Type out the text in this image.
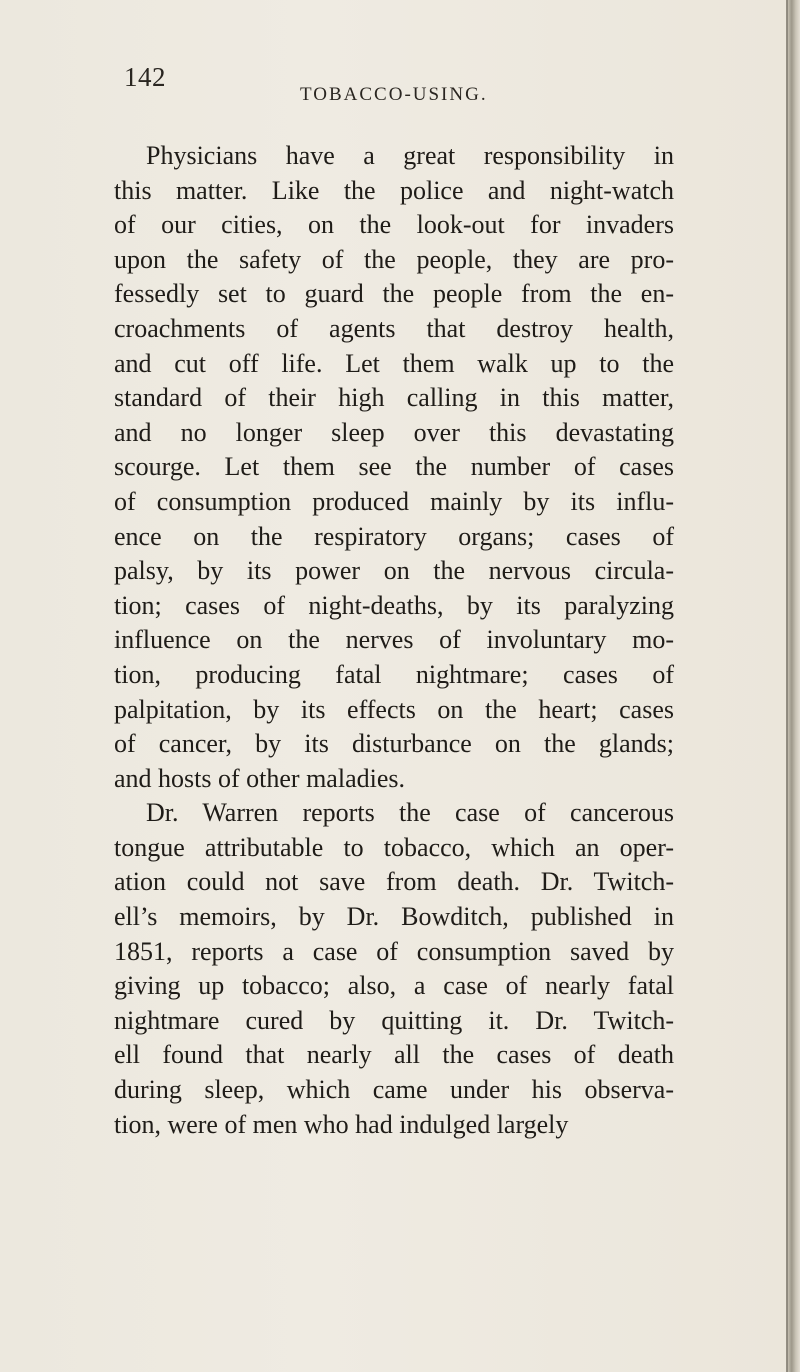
142
TOBACCO-USING.
Physicians have a great responsibility in
this matter. Like the police and night-watch
of our cities, on the look-out for invaders
upon the safety of the people, they are pro-
fessedly set to guard the people from the en-
croachments of agents that destroy health,
and cut off life. Let them walk up to the
standard of their high calling in this matter,
and no longer sleep over this devastating
scourge. Let them see the number of cases
of consumption produced mainly by its influ-
ence on the respiratory organs; cases of
palsy, by its power on the nervous circula-
tion; cases of night-deaths, by its paralyzing
influence on the nerves of involuntary mo-
tion, producing fatal nightmare; cases of
palpitation, by its effects on the heart; cases
of cancer, by its disturbance on the glands;
and hosts of other maladies.
Dr. Warren reports the case of cancerous
tongue attributable to tobacco, which an oper-
ation could not save from death. Dr. Twitch-
ell’s memoirs, by Dr. Bowditch, published in
1851, reports a case of consumption saved by
giving up tobacco; also, a case of nearly fatal
nightmare cured by quitting it. Dr. Twitch-
ell found that nearly all the cases of death
during sleep, which came under his observa-
tion, were of men who had indulged largely
